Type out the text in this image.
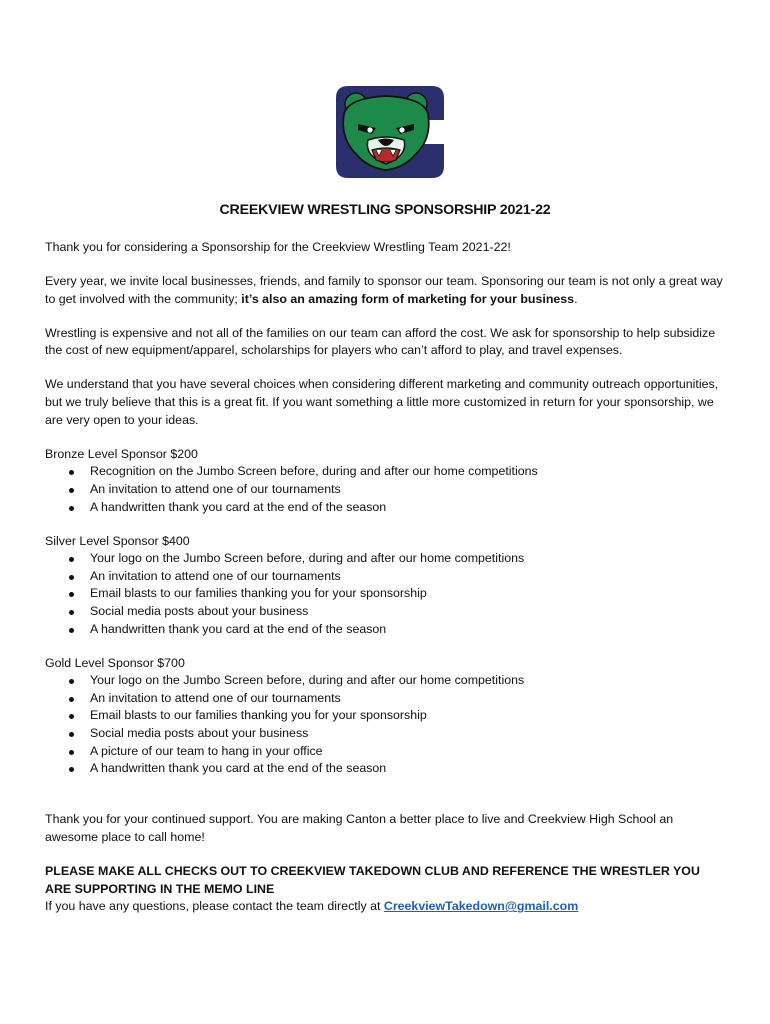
CREEKVIEW WRESTLING SPONSORSHIP 2021-22

Thank you for considering a Sponsorship for the Creekview Wrestling Team 2021-22!

Every year, we invite local businesses, friends, and family to sponsor our team. Sponsoring our team is not only a great way to get involved with the community; it’s also an amazing form of marketing for your business.

Wrestling is expensive and not all of the families on our team can afford the cost. We ask for sponsorship to help subsidize the cost of new equipment/apparel, scholarships for players who can’t afford to play, and travel expenses.

We understand that you have several choices when considering different marketing and community outreach opportunities, but we truly believe that this is a great fit. If you want something a little more customized in return for your sponsorship, we are very open to your ideas.

Bronze Level Sponsor $200
Recognition on the Jumbo Screen before, during and after our home competitions
An invitation to attend one of our tournaments
A handwritten thank you card at the end of the season
Silver Level Sponsor $400
Your logo on the Jumbo Screen before, during and after our home competitions
An invitation to attend one of our tournaments
Email blasts to our families thanking you for your sponsorship
Social media posts about your business
A handwritten thank you card at the end of the season
Gold Level Sponsor $700
Your logo on the Jumbo Screen before, during and after our home competitions
An invitation to attend one of our tournaments
Email blasts to our families thanking you for your sponsorship
Social media posts about your business
A picture of our team to hang in your office
A handwritten thank you card at the end of the season

Thank you for your continued support. You are making Canton a better place to live and Creekview High School an awesome place to call home!

PLEASE MAKE ALL CHECKS OUT TO CREEKVIEW TAKEDOWN CLUB AND REFERENCE THE WRESTLER YOU ARE SUPPORTING IN THE MEMO LINE

If you have any questions, please contact the team directly at CreekviewTakedown@gmail.com
